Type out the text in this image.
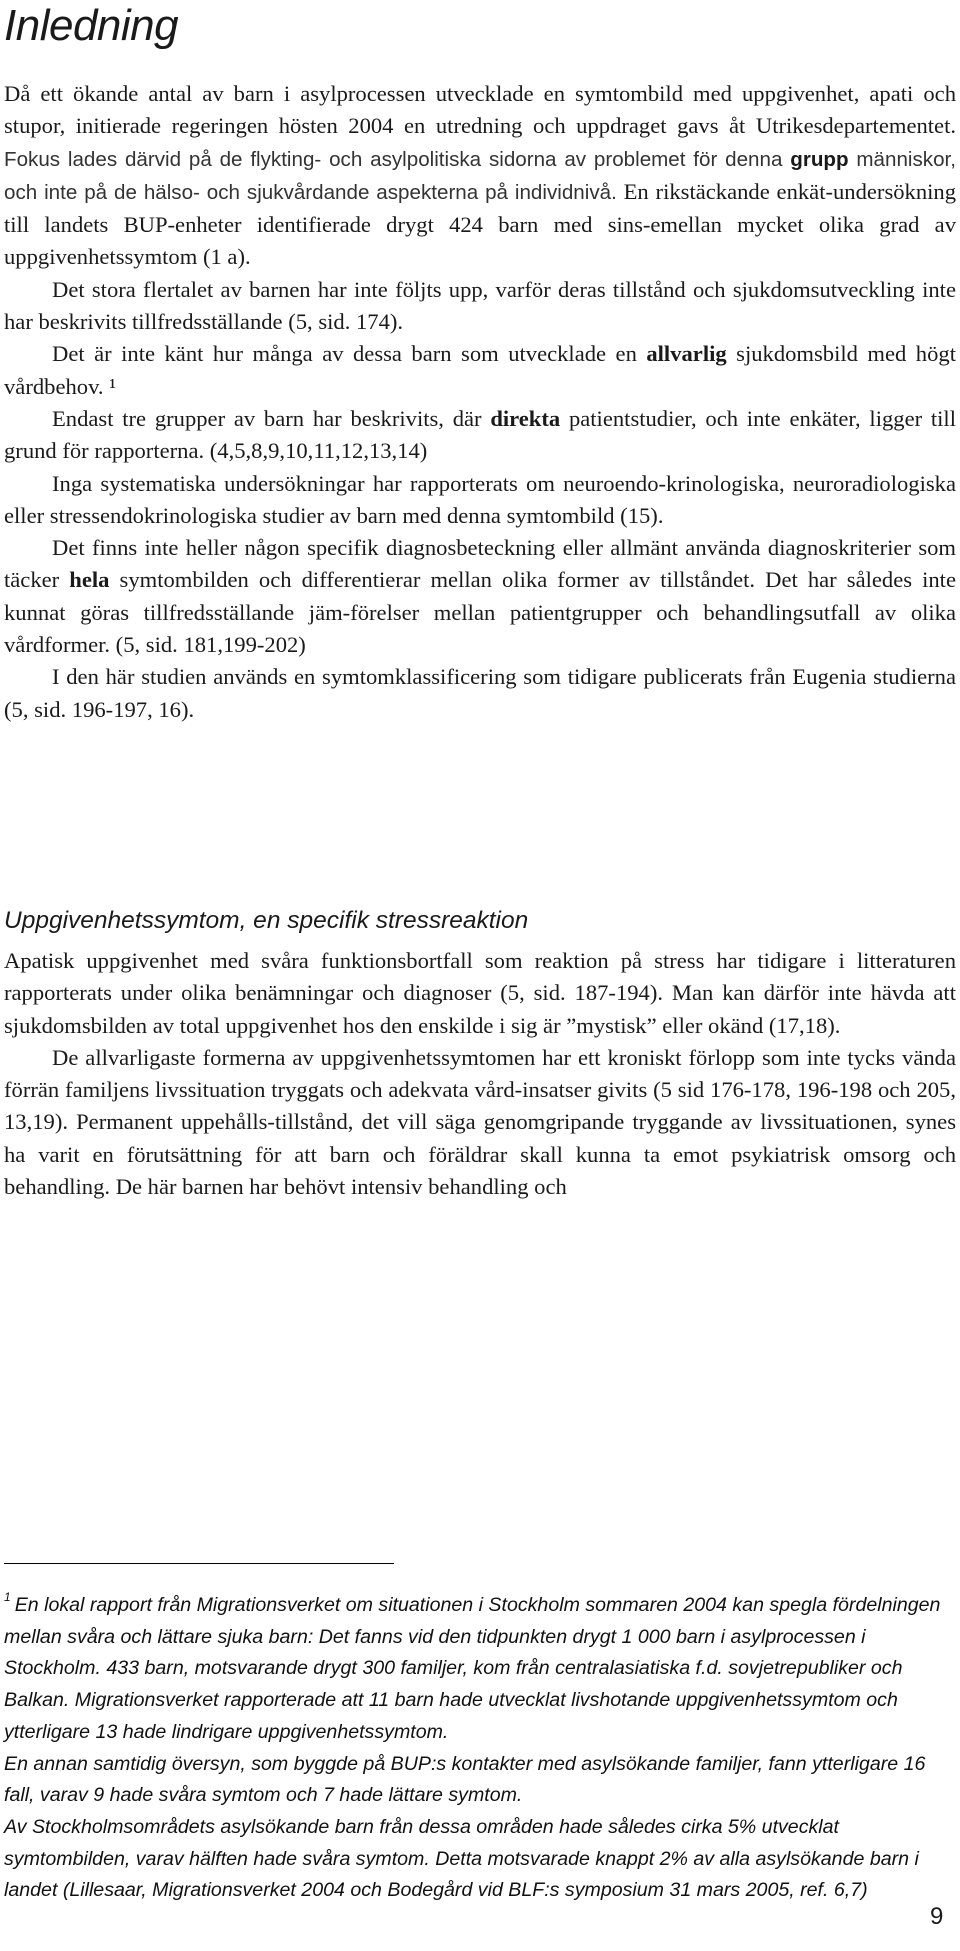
Inledning

Då ett ökande antal av barn i asylprocessen utvecklade en symtombild med uppgivenhet, apati och stupor, initierade regeringen hösten 2004 en utredning och uppdraget gavs åt Utrikesdepartementet. Fokus lades därvid på de flykting- och asylpolitiska sidorna av problemet för denna grupp människor, och inte på de hälso- och sjukvårdande aspekterna på individnivå. En rikstäckande enkät-undersökning till landets BUP-enheter identifierade drygt 424 barn med sins-emellan mycket olika grad av uppgivenhetssymtom (1 a).

Det stora flertalet av barnen har inte följts upp, varför deras tillstånd och sjukdomsutveckling inte har beskrivits tillfredsställande (5, sid. 174).

Det är inte känt hur många av dessa barn som utvecklade en allvarlig sjukdomsbild med högt vårdbehov. ¹

Endast tre grupper av barn har beskrivits, där direkta patientstudier, och inte enkäter, ligger till grund för rapporterna. (4,5,8,9,10,11,12,13,14)

Inga systematiska undersökningar har rapporterats om neuroendo-krinologiska, neuroradiologiska eller stressendokrinologiska studier av barn med denna symtombild (15).

Det finns inte heller någon specifik diagnosbeteckning eller allmänt använda diagnoskriterier som täcker hela symtombilden och differentierar mellan olika former av tillståndet. Det har således inte kunnat göras tillfredsställande jäm-förelser mellan patientgrupper och behandlingsutfall av olika vårdformer. (5, sid. 181,199-202)

I den här studien används en symtomklassificering som tidigare publicerats från Eugenia studierna (5, sid. 196-197, 16).

Uppgivenhetssymtom, en specifik stressreaktion

Apatisk uppgivenhet med svåra funktionsbortfall som reaktion på stress har tidigare i litteraturen rapporterats under olika benämningar och diagnoser (5, sid. 187-194). Man kan därför inte hävda att sjukdomsbilden av total uppgivenhet hos den enskilde i sig är ”mystisk” eller okänd (17,18).

De allvarligaste formerna av uppgivenhetssymtomen har ett kroniskt förlopp som inte tycks vända förrän familjens livssituation tryggats och adekvata vård-insatser givits (5 sid 176-178, 196-198 och 205, 13,19). Permanent uppehålls-tillstånd, det vill säga genomgripande tryggande av livssituationen, synes ha varit en förutsättning för att barn och föräldrar skall kunna ta emot psykiatrisk omsorg och behandling. De här barnen har behövt intensiv behandling och

$^1$ En lokal rapport från Migrationsverket om situationen i Stockholm sommaren 2004 kan spegla fördelningen mellan svåra och lättare sjuka barn: Det fanns vid den tidpunkten drygt 1 000 barn i asylprocessen i Stockholm. 433 barn, motsvarande drygt 300 familjer, kom från centralasiatiska f.d. sovjetrepubliker och Balkan. Migrationsverket rapporterade att 11 barn hade utvecklat livshotande uppgivenhetssymtom och ytterligare 13 hade lindrigare uppgivenhetssymtom.

En annan samtidig översyn, som byggde på BUP:s kontakter med asylsökande familjer, fann ytterligare 16 fall, varav 9 hade svåra symtom och 7 hade lättare symtom.

Av Stockholmsområdets asylsökande barn från dessa områden hade således cirka 5% utvecklat symtombilden, varav hälften hade svåra symtom. Detta motsvarade knappt 2% av alla asylsökande barn i landet (Lillesaar, Migrationsverket 2004 och Bodegård vid BLF:s symposium 31 mars 2005, ref. 6,7)

9
